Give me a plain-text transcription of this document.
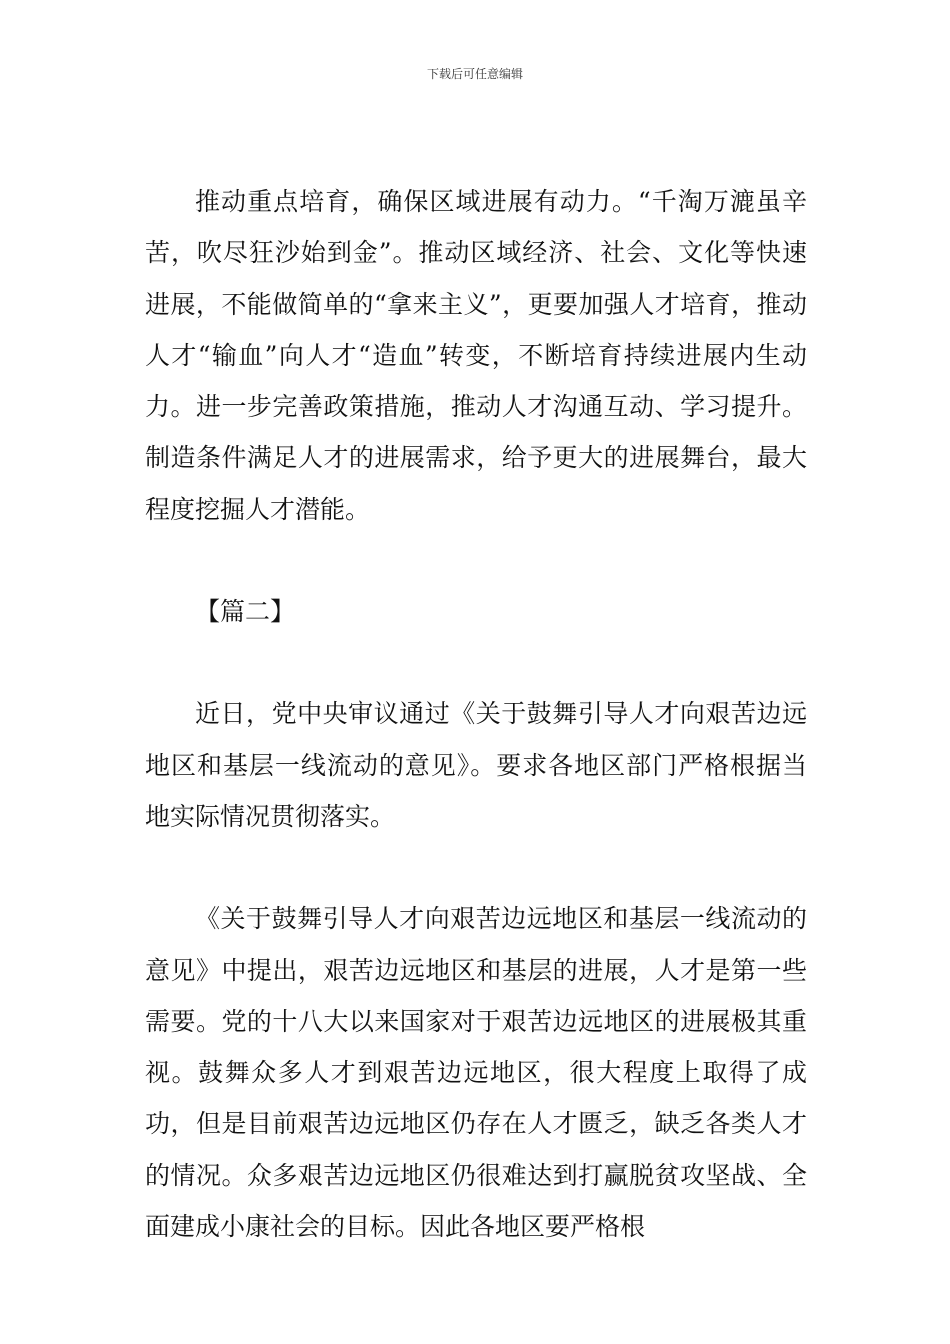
下载后可任意编辑

推动重点培育，确保区域进展有动力。“千淘万漉虽辛苦，吹尽狂沙始到金”。推动区域经济、社会、文化等快速进展，不能做简单的“拿来主义”，更要加强人才培育，推动人才“输血”向人才“造血”转变，不断培育持续进展内生动力。进一步完善政策措施，推动人才沟通互动、学习提升。制造条件满足人才的进展需求，给予更大的进展舞台，最大程度挖掘人才潜能。

【篇二】

近日，党中央审议通过《关于鼓舞引导人才向艰苦边远地区和基层一线流动的意见》。要求各地区部门严格根据当地实际情况贯彻落实。

《关于鼓舞引导人才向艰苦边远地区和基层一线流动的意见》中提出，艰苦边远地区和基层的进展，人才是第一些需要。党的十八大以来国家对于艰苦边远地区的进展极其重视。鼓舞众多人才到艰苦边远地区，很大程度上取得了成功，但是目前艰苦边远地区仍存在人才匮乏，缺乏各类人才的情况。众多艰苦边远地区仍很难达到打赢脱贫攻坚战、全面建成小康社会的目标。因此各地区要严格根
